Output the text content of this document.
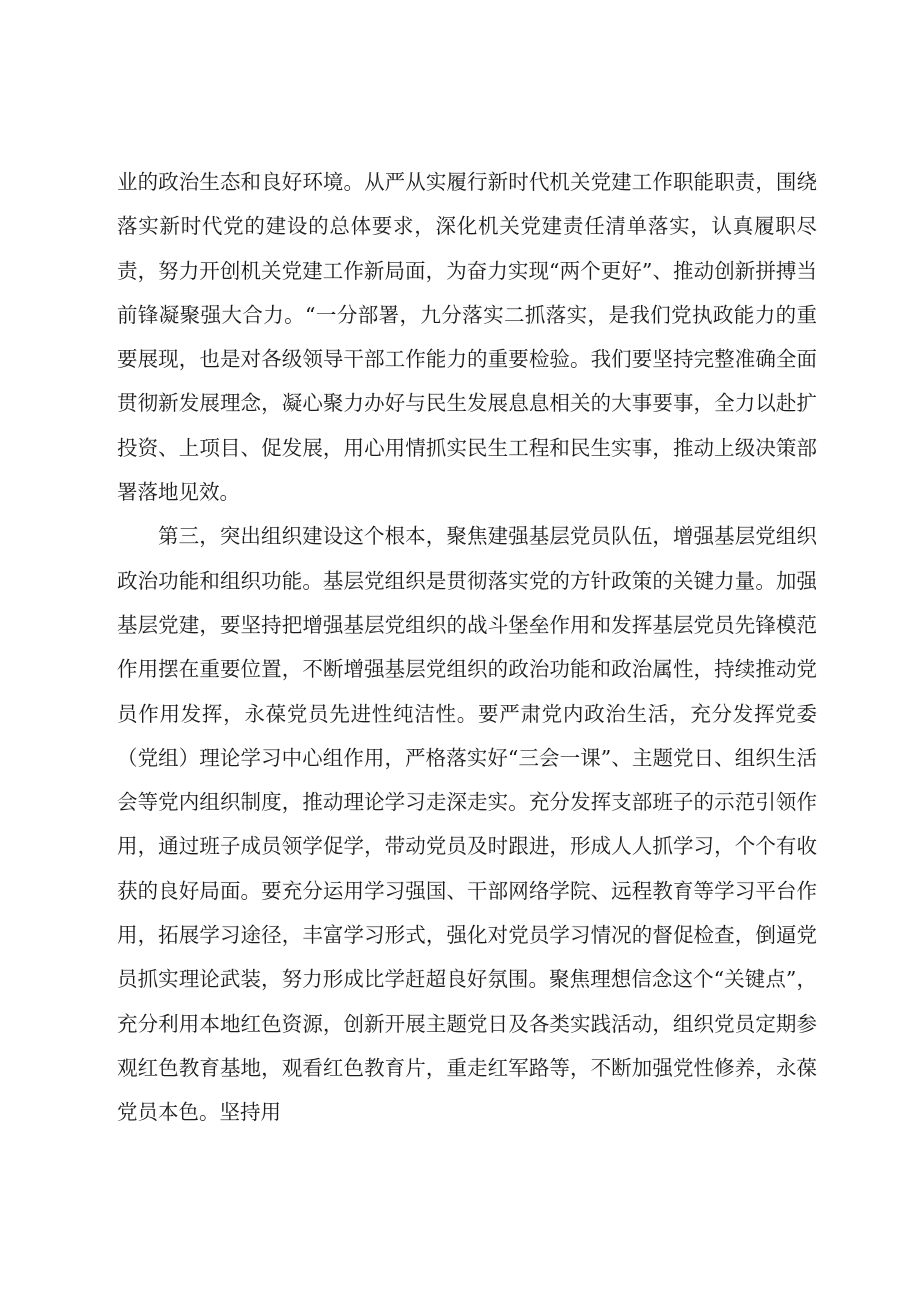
业的政治生态和良好环境。从严从实履行新时代机关党建工作职能职责，围绕落实新时代党的建设的总体要求，深化机关党建责任清单落实，认真履职尽责，努力开创机关党建工作新局面，为奋力实现“两个更好”、推动创新拼搏当前锋凝聚强大合力。“一分部署，九分落实二抓落实，是我们党执政能力的重要展现，也是对各级领导干部工作能力的重要检验。我们要坚持完整准确全面贯彻新发展理念，凝心聚力办好与民生发展息息相关的大事要事，全力以赴扩投资、上项目、促发展，用心用情抓实民生工程和民生实事，推动上级决策部署落地见效。

第三，突出组织建设这个根本，聚焦建强基层党员队伍，增强基层党组织政治功能和组织功能。基层党组织是贯彻落实党的方针政策的关键力量。加强基层党建，要坚持把增强基层党组织的战斗堡垒作用和发挥基层党员先锋模范作用摆在重要位置，不断增强基层党组织的政治功能和政治属性，持续推动党员作用发挥，永葆党员先进性纯洁性。要严肃党内政治生活，充分发挥党委（党组）理论学习中心组作用，严格落实好“三会一课”、主题党日、组织生活会等党内组织制度，推动理论学习走深走实。充分发挥支部班子的示范引领作用，通过班子成员领学促学，带动党员及时跟进，形成人人抓学习，个个有收获的良好局面。要充分运用学习强国、干部网络学院、远程教育等学习平台作用，拓展学习途径，丰富学习形式，强化对党员学习情况的督促检查，倒逼党员抓实理论武装，努力形成比学赶超良好氛围。聚焦理想信念这个“关键点”，充分利用本地红色资源，创新开展主题党日及各类实践活动，组织党员定期参观红色教育基地，观看红色教育片，重走红军路等，不断加强党性修养，永葆党员本色。坚持用
